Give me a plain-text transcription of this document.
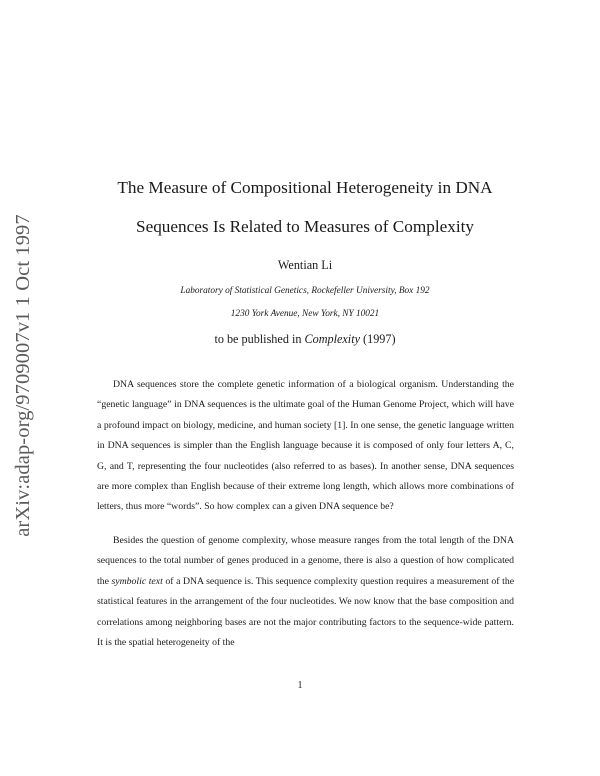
arXiv:adap-org/9709007v1 1 Oct 1997
The Measure of Compositional Heterogeneity in DNA
Sequences Is Related to Measures of Complexity
Wentian Li
Laboratory of Statistical Genetics, Rockefeller University, Box 192
1230 York Avenue, New York, NY 10021
to be published in Complexity (1997)

DNA sequences store the complete genetic information of a biological organism. Understanding the “genetic language” in DNA sequences is the ultimate goal of the Human Genome Project, which will have a profound impact on biology, medicine, and human society [1]. In one sense, the genetic language written in DNA sequences is simpler than the English language because it is composed of only four letters A, C, G, and T, representing the four nucleotides (also referred to as bases). In another sense, DNA sequences are more complex than English because of their extreme long length, which allows more combinations of letters, thus more “words”. So how complex can a given DNA sequence be?

Besides the question of genome complexity, whose measure ranges from the total length of the DNA sequences to the total number of genes produced in a genome, there is also a question of how complicated the symbolic text of a DNA sequence is. This sequence complexity question requires a measurement of the statistical features in the arrangement of the four nucleotides. We now know that the base composition and correlations among neighboring bases are not the major contributing factors to the sequence-wide pattern. It is the spatial heterogeneity of the

1
